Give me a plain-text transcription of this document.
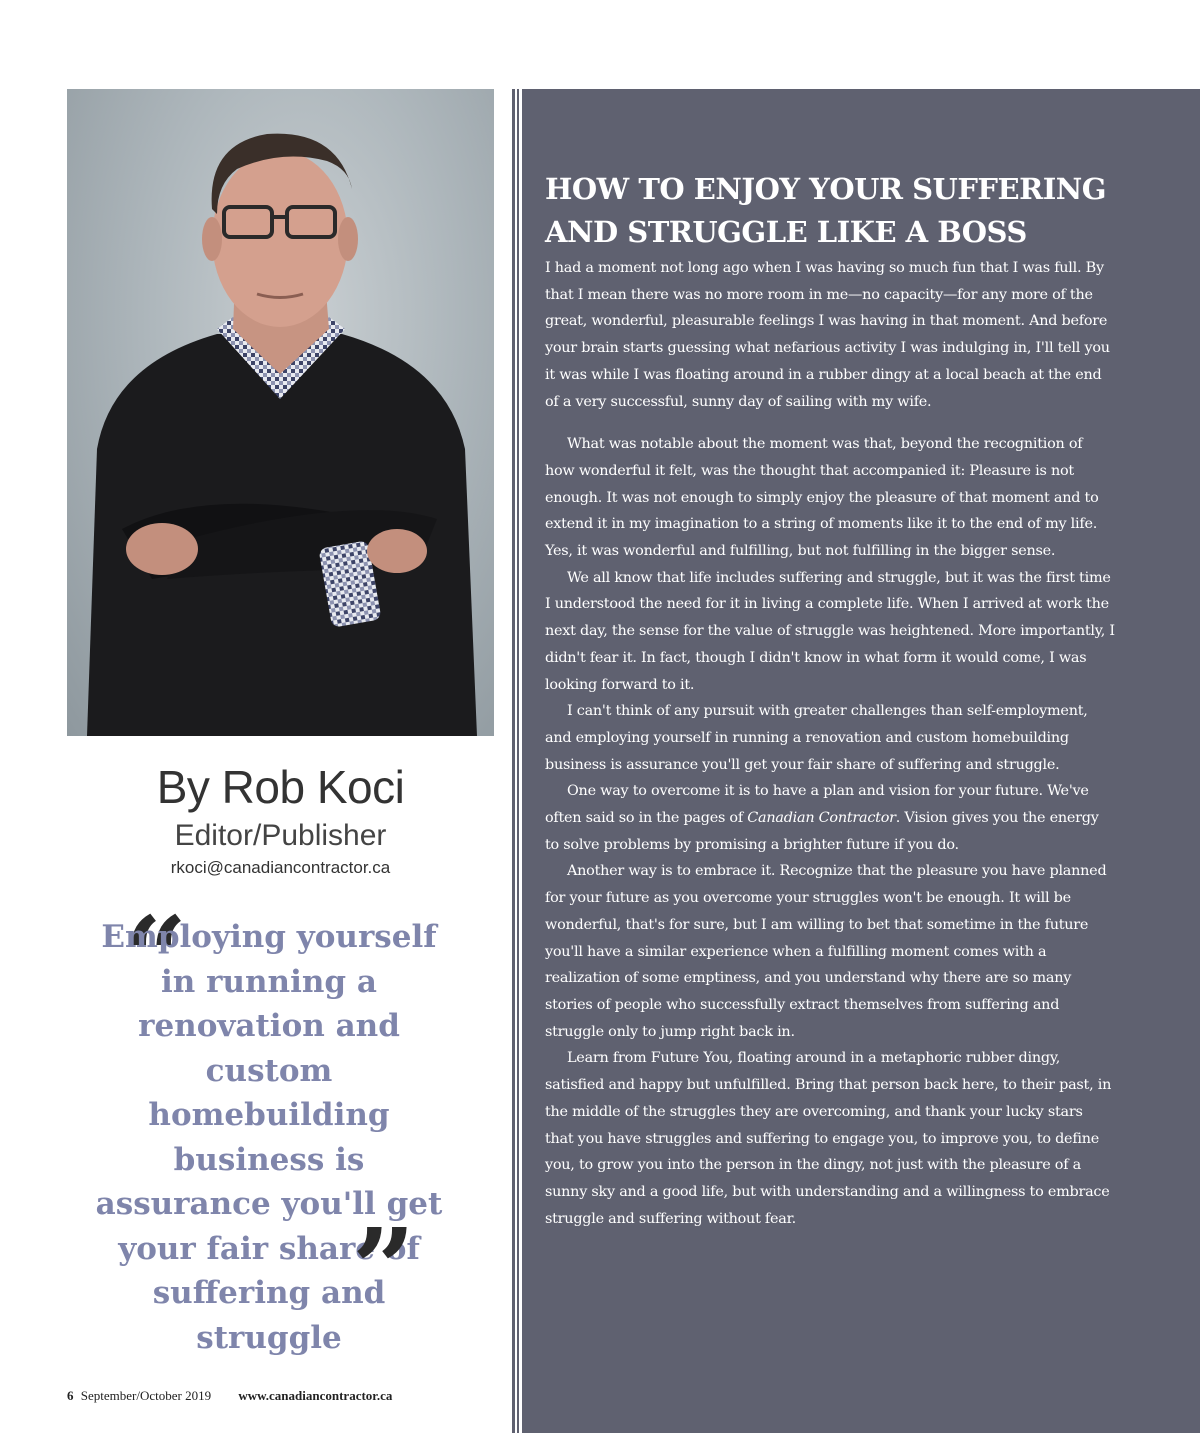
HOW TO ENJOY YOUR SUFFERING
AND STRUGGLE LIKE A BOSS

I had a moment not long ago when I was having so much fun that I was full. By that I mean there was no more room in me—no capacity—for any more of the great, wonderful, pleasurable feelings I was having in that moment. And before your brain starts guessing what nefarious activity I was indulging in, I'll tell you it was while I was floating around in a rubber dingy at a local beach at the end of a very successful, sunny day of sailing with my wife.

What was notable about the moment was that, beyond the recognition of how wonderful it felt, was the thought that accompanied it: Pleasure is not enough. It was not enough to simply enjoy the pleasure of that moment and to extend it in my imagination to a string of moments like it to the end of my life. Yes, it was wonderful and fulfilling, but not fulfilling in the bigger sense.

We all know that life includes suffering and struggle, but it was the first time I understood the need for it in living a complete life. When I arrived at work the next day, the sense for the value of struggle was heightened. More importantly, I didn't fear it. In fact, though I didn't know in what form it would come, I was looking forward to it.

I can't think of any pursuit with greater challenges than self-employment, and employing yourself in running a renovation and custom homebuilding business is assurance you'll get your fair share of suffering and struggle.

One way to overcome it is to have a plan and vision for your future. We've often said so in the pages of Canadian Contractor. Vision gives you the energy to solve problems by promising a brighter future if you do.

Another way is to embrace it. Recognize that the pleasure you have planned for your future as you overcome your struggles won't be enough. It will be wonderful, that's for sure, but I am willing to bet that sometime in the future you'll have a similar experience when a fulfilling moment comes with a realization of some emptiness, and you understand why there are so many stories of people who successfully extract themselves from suffering and struggle only to jump right back in.

Learn from Future You, floating around in a metaphoric rubber dingy, satisfied and happy but unfulfilled. Bring that person back here, to their past, in the middle of the struggles they are overcoming, and thank your lucky stars that you have struggles and suffering to engage you, to improve you, to define you, to grow you into the person in the dingy, not just with the pleasure of a sunny sky and a good life, but with understanding and a willingness to embrace struggle and suffering without fear.

By Rob Koci
Editor/Publisher
rkoci@canadiancontractor.ca
“

Employing yourself in running a renovation and custom homebuilding business is assurance you'll get your fair share of suffering and struggle

”
6 September/October 2019 www.canadiancontractor.ca
